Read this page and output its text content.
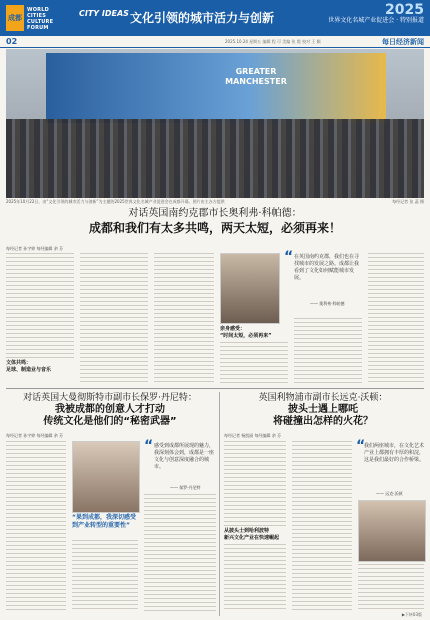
成都
WORLD
CITIES
CULTURE
FORUM
CITY IDEAS 文化引领的城市活力与创新	2025
世界文化名城产业促进会 · 特别报道
02	2025.10.24 星期五 编辑 程 可 美编 张 霞 校对 王 颖	每日经济新闻
GREATER MANCHESTER
2025年10月22日，由“文化引领的城市活力与创新”为主题的2025世界文化名城产业促进会在成都开幕。图片由主办方提供	每经记者 张 蕊 摄
对话英国南约克郡市长奥利弗·科帕德：
成都和我们有太多共鸣，两天太短，必须再来！
每经记者 孙宇婷 每经编辑 余 芬
文体共鸣：
足球、制造业与音乐
“ 在英国南约克郡，我们也在寻找城市的发展之路。成都让我看到了文化如何赋能城市发展。
—— 奥利弗·科帕德
亲身感受：
“时间太短，必须再来”
对话英国大曼彻斯特市副市长保罗·丹尼特：
我被成都的创意人才打动
传统文化是他们的“秘密武器”
每经记者 孙宇婷 每经编辑 余 芬
“果到成都，我深切感受到产业转型的重要性”
“ 感受到成都所展现的魅力，我深刻体会到，成都是一座文化与创意深度融合的城市。
—— 保罗·丹尼特
英国利物浦市副市长远克·沃顿：
披头士遇上哪吒
将碰撞出怎样的火花？
每经记者 杨凯丽 每经编辑 余 芬
从披头士到哈利波特
新兴文化产业在快速崛起
“
我们两座城市，在文化艺术产业上都拥有丰厚的积淀，这是我们最好的合作桥梁。
—— 远克·沃顿
▶下转03版
